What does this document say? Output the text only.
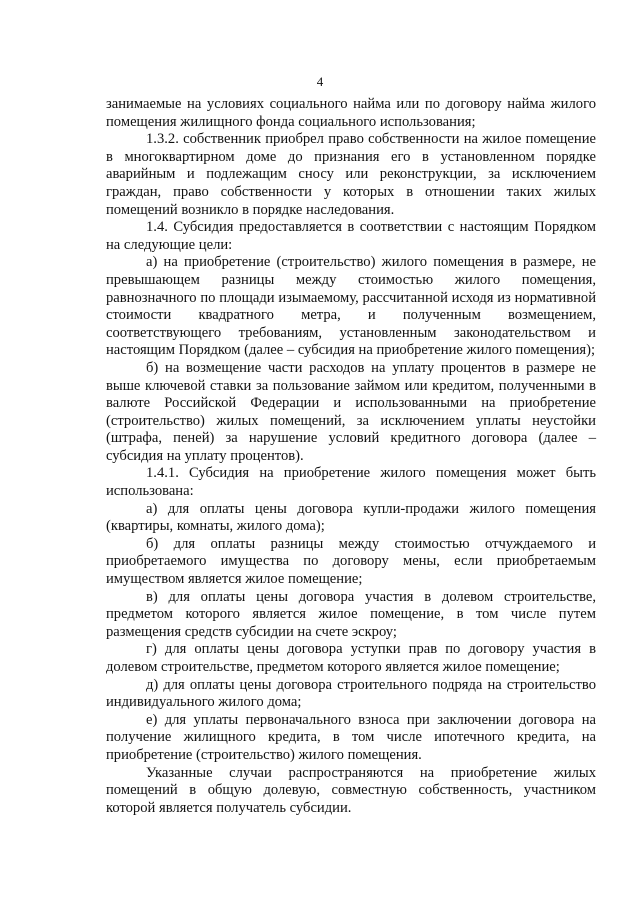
4

занимаемые на условиях социального найма или по договору найма жилого помещения жилищного фонда социального использования;

1.3.2. собственник приобрел право собственности на жилое помещение в многоквартирном доме до признания его в установленном порядке аварийным и подлежащим сносу или реконструкции, за исключением граждан, право собственности у которых в отношении таких жилых помещений возникло в порядке наследования.

1.4. Субсидия предоставляется в соответствии с настоящим Порядком на следующие цели:

а) на приобретение (строительство) жилого помещения в размере, не превышающем разницы между стоимостью жилого помещения, равнозначного по площади изымаемому, рассчитанной исходя из нормативной стоимости квадратного метра, и полученным возмещением, соответствующего требованиям, установленным законодательством и настоящим Порядком (далее – субсидия на приобретение жилого помещения);

б) на возмещение части расходов на уплату процентов в размере не выше ключевой ставки за пользование займом или кредитом, полученными в валюте Российской Федерации и использованными на приобретение (строительство) жилых помещений, за исключением уплаты неустойки (штрафа, пеней) за нарушение условий кредитного договора (далее – субсидия на уплату процентов).

1.4.1. Субсидия на приобретение жилого помещения может быть использована:

а) для оплаты цены договора купли-продажи жилого помещения (квартиры, комнаты, жилого дома);

б) для оплаты разницы между стоимостью отчуждаемого и приобретаемого имущества по договору мены, если приобретаемым имуществом является жилое помещение;

в) для оплаты цены договора участия в долевом строительстве, предметом которого является жилое помещение, в том числе путем размещения средств субсидии на счете эскроу;

г) для оплаты цены договора уступки прав по договору участия в долевом строительстве, предметом которого является жилое помещение;

д) для оплаты цены договора строительного подряда на строительство индивидуального жилого дома;

е) для уплаты первоначального взноса при заключении договора на получение жилищного кредита, в том числе ипотечного кредита, на приобретение (строительство) жилого помещения.

Указанные случаи распространяются на приобретение жилых помещений в общую долевую, совместную собственность, участником которой является получатель субсидии.
